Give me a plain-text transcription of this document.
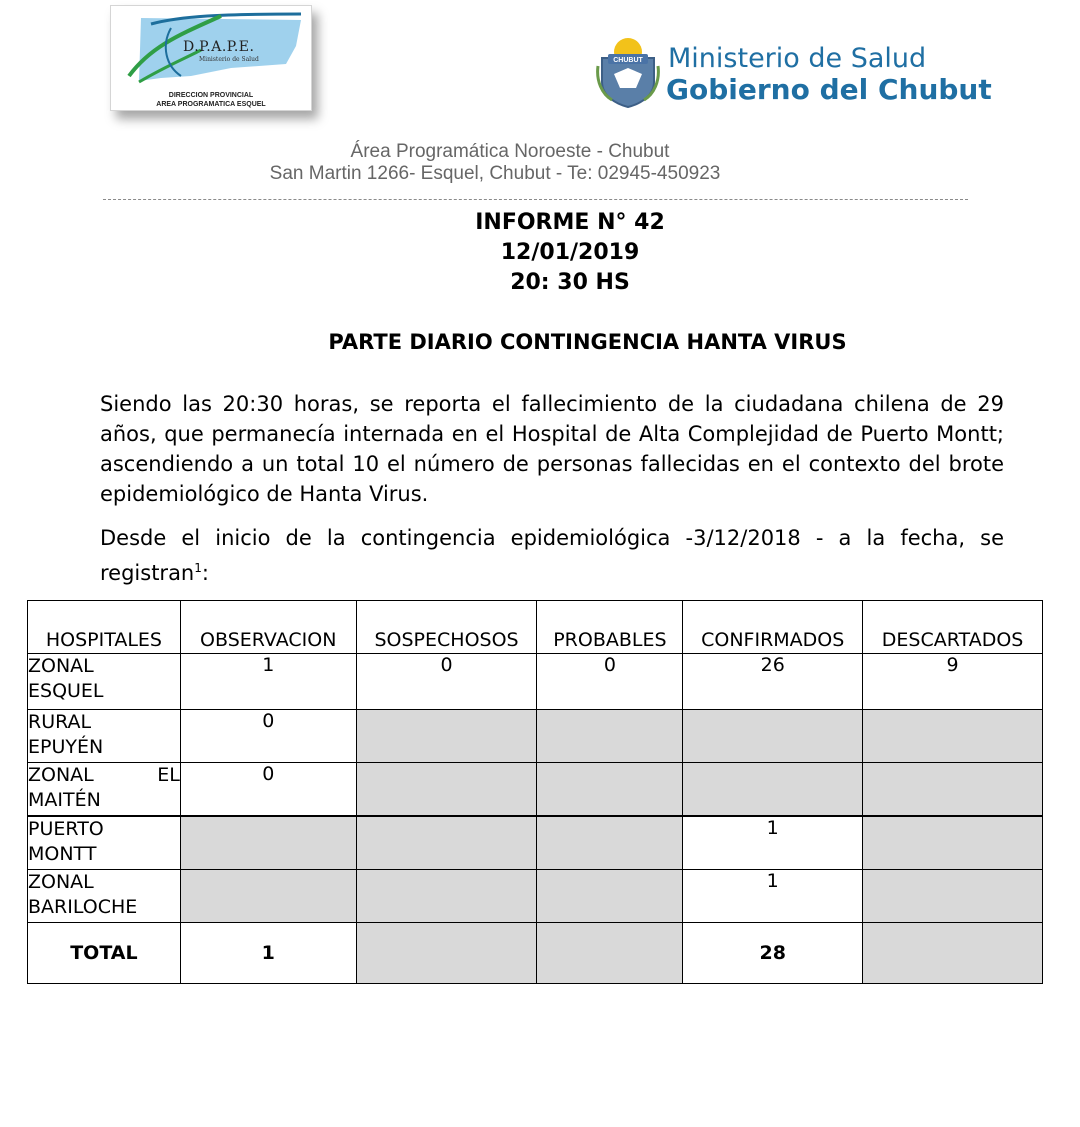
D.P.A.P.E.
Ministerio de Salud
DIRECCION PROVINCIAL
AREA PROGRAMATICA ESQUEL
CHUBUT Ministerio de Salud
Gobierno del Chubut
Área Programática Noroeste - Chubut
San Martin 1266- Esquel, Chubut - Te: 02945-450923
INFORME N° 42
12/01/2019
20: 30 HS
PARTE DIARIO CONTINGENCIA HANTA VIRUS
Siendo las 20:30 horas, se reporta el fallecimiento de la ciudadana chilena de 29 años, que permanecía internada en el Hospital de Alta Complejidad de Puerto Montt; ascendiendo a un total 10 el número de personas fallecidas en el contexto del brote epidemiológico de Hanta Virus.
Desde el inicio de la contingencia epidemiológica -3/12/2018 - a la fecha, se registran$^1$:
HOSPITALES	OBSERVACION	SOSPECHOSOS	PROBABLES	CONFIRMADOS	DESCARTADOS

ZONAL
ESQUEL	1	0	0	26	9

RURAL
EPUYÉN	0				

ZONAL EL
MAITÉN	0				

PUERTO
MONTT				1	

ZONAL
BARILOCHE				1	
TOTAL	1			28	
